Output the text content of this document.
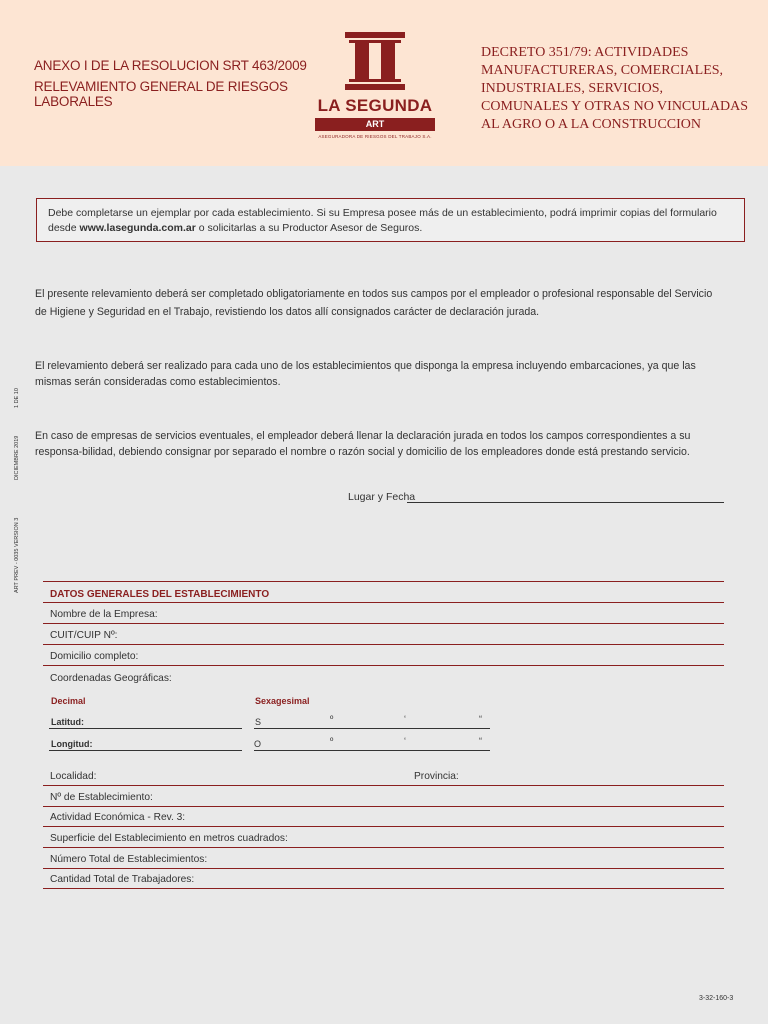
ANEXO I DE LA RESOLUCION SRT 463/2009
RELEVAMIENTO GENERAL DE RIESGOS LABORALES	LA SEGUNDA
ART
ASEGURADORA DE RIESGOS DEL TRABAJO S.A.
DECRETO 351/79: ACTIVIDADES MANUFACTURERAS, COMERCIALES, INDUSTRIALES, SERVICIOS, COMUNALES Y OTRAS NO VINCULADAS AL AGRO O A LA CONSTRUCCION
Debe completarse un ejemplar por cada establecimiento. Si su Empresa posee más de un establecimiento, podrá imprimir copias del formulario desde www.lasegunda.com.ar o solicitarlas a su Productor Asesor de Seguros.
El presente relevamiento deberá ser completado obligatoriamente en todos sus campos por el empleador o profesional responsable del Servicio de Higiene y Seguridad en el Trabajo, revistiendo los datos allí consignados carácter de declaración jurada.
El relevamiento deberá ser realizado para cada uno de los establecimientos que disponga la empresa incluyendo embarcaciones, ya que las mismas serán consideradas como establecimientos.
En caso de empresas de servicios eventuales, el empleador deberá llenar la declaración jurada en todos los campos correspondientes a su responsa-bilidad, debiendo consignar por separado el nombre o razón social y domicilio de los empleadores donde está prestando servicio.
ART PREV - 0035 VERSION 3
DICIEMBRE 2019
1 DE 10
Lugar y Fecha
DATOS GENERALES DEL ESTABLECIMIENTO
Nombre de la Empresa:
CUIT/CUIP Nº:
Domicilio completo:
Coordenadas Geográficas:
Decimal	Sexagesimal
Latitud:	S	º	‘	“
Longitud:	O	º	‘	“
Localidad:	Provincia:
Nº de Establecimiento:
Actividad Económica - Rev. 3:
Superficie del Establecimiento en metros cuadrados:
Número Total de Establecimientos:
Cantidad Total de Trabajadores:
3-32-160-3
